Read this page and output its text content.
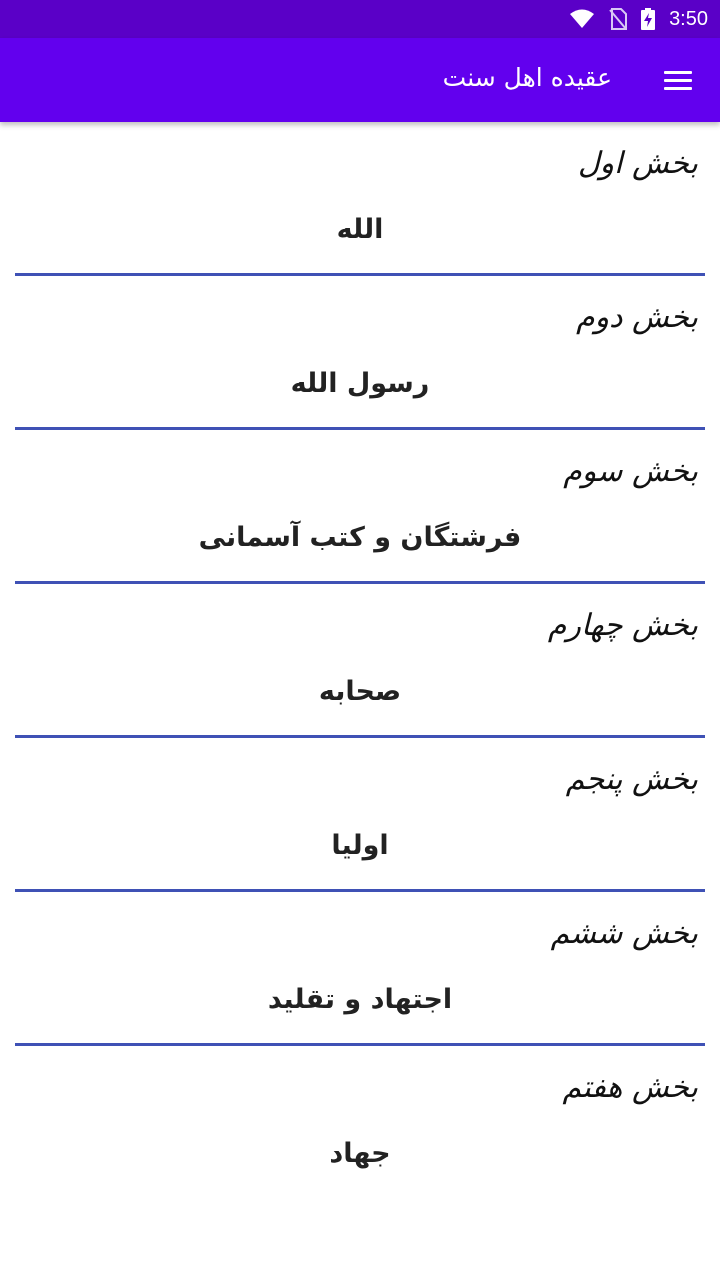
3:50
عقیده اهل سنت
بخش اول
الله
بخش دوم
رسول الله
بخش سوم
فرشتگان و کتب آسمانی
بخش چهارم
صحابه
بخش پنجم
اولیا
بخش ششم
اجتهاد و تقلید
بخش هفتم
جهاد
